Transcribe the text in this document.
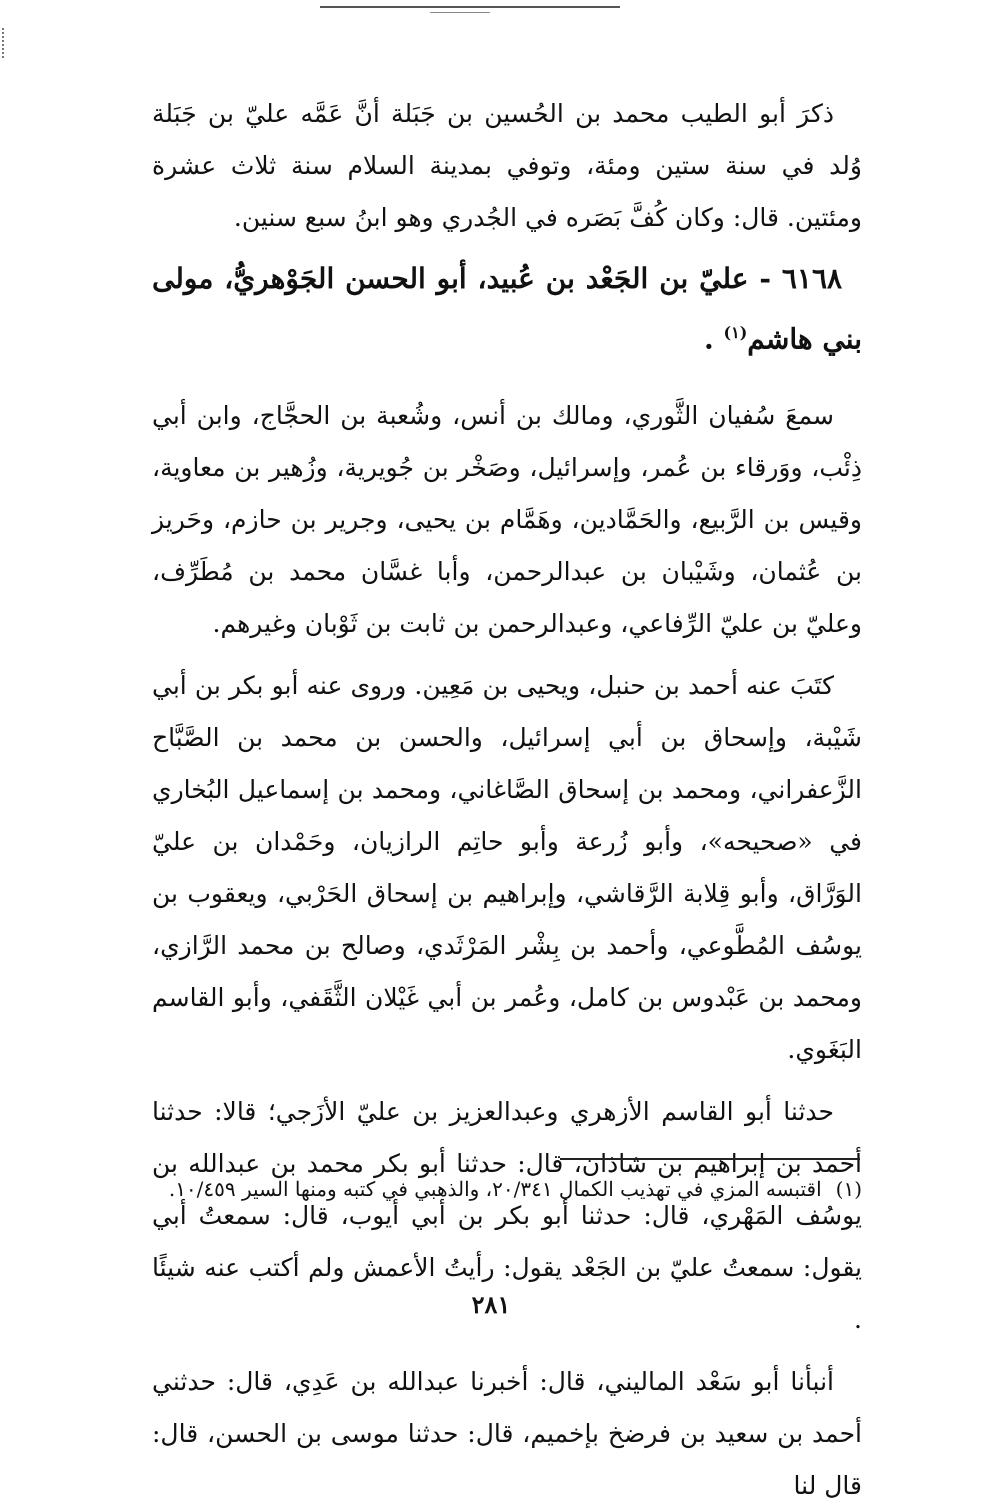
ذكرَ أبو الطيب محمد بن الحُسين بن جَبَلة أنَّ عَمَّه عليّ بن جَبَلة وُلد في سنة ستين ومئة، وتوفي بمدينة السلام سنة ثلاث عشرة ومئتين. قال: وكان كُفَّ بَصَره في الجُدري وهو ابنُ سبع سنين.

٦١٦٨ - عليّ بن الجَعْد بن عُبيد، أبو الحسن الجَوْهريُّ، مولى بني هاشم$^{(١)}$ .

سمعَ سُفيان الثَّوري، ومالك بن أنس، وشُعبة بن الحجَّاج، وابن أبي ذِئْب، ووَرقاء بن عُمر، وإسرائيل، وصَخْر بن جُويرية، وزُهير بن معاوية، وقيس بن الرَّبيع، والحَمَّادين، وهَمَّام بن يحيى، وجرير بن حازم، وحَريز بن عُثمان، وشَيْبان بن عبدالرحمن، وأبا غسَّان محمد بن مُطَرِّف، وعليّ بن عليّ الرِّفاعي، وعبدالرحمن بن ثابت بن ثَوْبان وغيرهم.

كتَبَ عنه أحمد بن حنبل، ويحيى بن مَعِين. وروى عنه أبو بكر بن أبي شَيْبة، وإسحاق بن أبي إسرائيل، والحسن بن محمد بن الصَّبَّاح الزَّعفراني، ومحمد بن إسحاق الصَّاغاني، ومحمد بن إسماعيل البُخاري في «صحيحه»، وأبو زُرعة وأبو حاتِم الرازيان، وحَمْدان بن عليّ الوَرَّاق، وأبو قِلابة الرَّقاشي، وإبراهيم بن إسحاق الحَرْبي، ويعقوب بن يوسُف المُطَّوعي، وأحمد بن بِشْر المَرْثَدي، وصالح بن محمد الرَّازي، ومحمد بن عَبْدوس بن كامل، وعُمر بن أبي غَيْلان الثَّقَفي، وأبو القاسم البَغَوي.

حدثنا أبو القاسم الأزهري وعبدالعزيز بن عليّ الأزَجي؛ قالا: حدثنا أحمد بن إبراهيم بن شاذان، قال: حدثنا أبو بكر محمد بن عبدالله بن يوسُف المَهْري، قال: حدثنا أبو بكر بن أبي أيوب، قال: سمعتُ أبي يقول: سمعتُ عليّ بن الجَعْد يقول: رأيتُ الأعمش ولم أكتب عنه شيئًا .

أنبأنا أبو سَعْد الماليني، قال: أخبرنا عبدالله بن عَدِي، قال: حدثني أحمد بن سعيد بن فرضخ بإخميم، قال: حدثنا موسى بن الحسن، قال: قال لنا

(١)اقتبسه المزي في تهذيب الكمال ٢٠/٣٤١، والذهبي في كتبه ومنها السير ١٠/٤٥٩.
٢٨١
